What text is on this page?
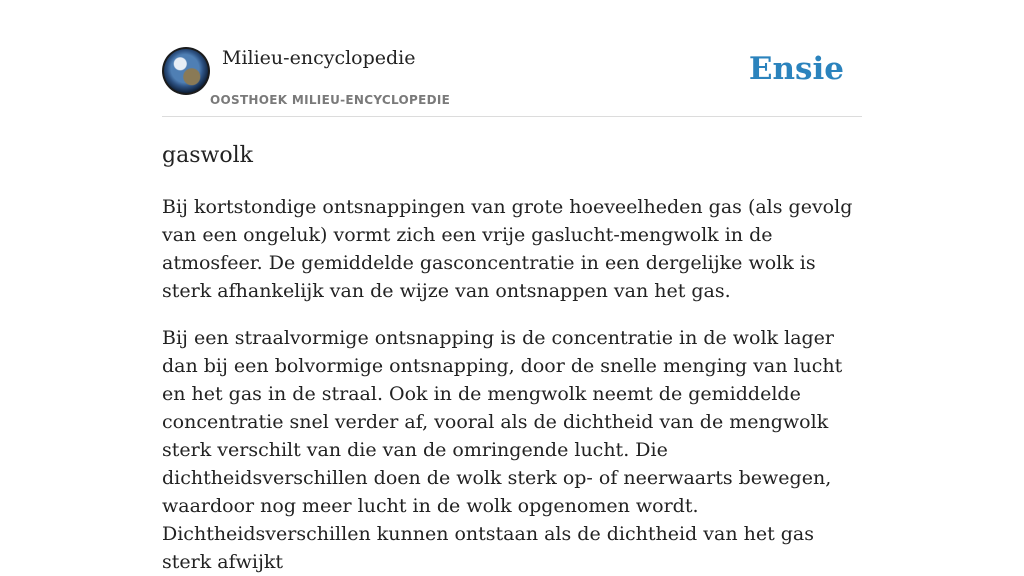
Milieu-encyclopedie
OOSTHOEK MILIEU-ENCYCLOPEDIE
Ensie
gaswolk

Bij kortstondige ontsnappingen van grote hoeveelheden gas (als gevolg van een ongeluk) vormt zich een vrije gaslucht-mengwolk in de atmosfeer. De gemiddelde gasconcentratie in een dergelijke wolk is sterk afhankelijk van de wijze van ontsnappen van het gas.

Bij een straalvormige ontsnapping is de concentratie in de wolk lager dan bij een bolvormige ontsnapping, door de snelle menging van lucht en het gas in de straal. Ook in de mengwolk neemt de gemiddelde concentratie snel verder af, vooral als de dichtheid van de mengwolk sterk verschilt van die van de omringende lucht. Die dichtheidsverschillen doen de wolk sterk op- of neerwaarts bewegen, waardoor nog meer lucht in de wolk opgenomen wordt. Dichtheidsverschillen kunnen ontstaan als de dichtheid van het gas sterk afwijkt
